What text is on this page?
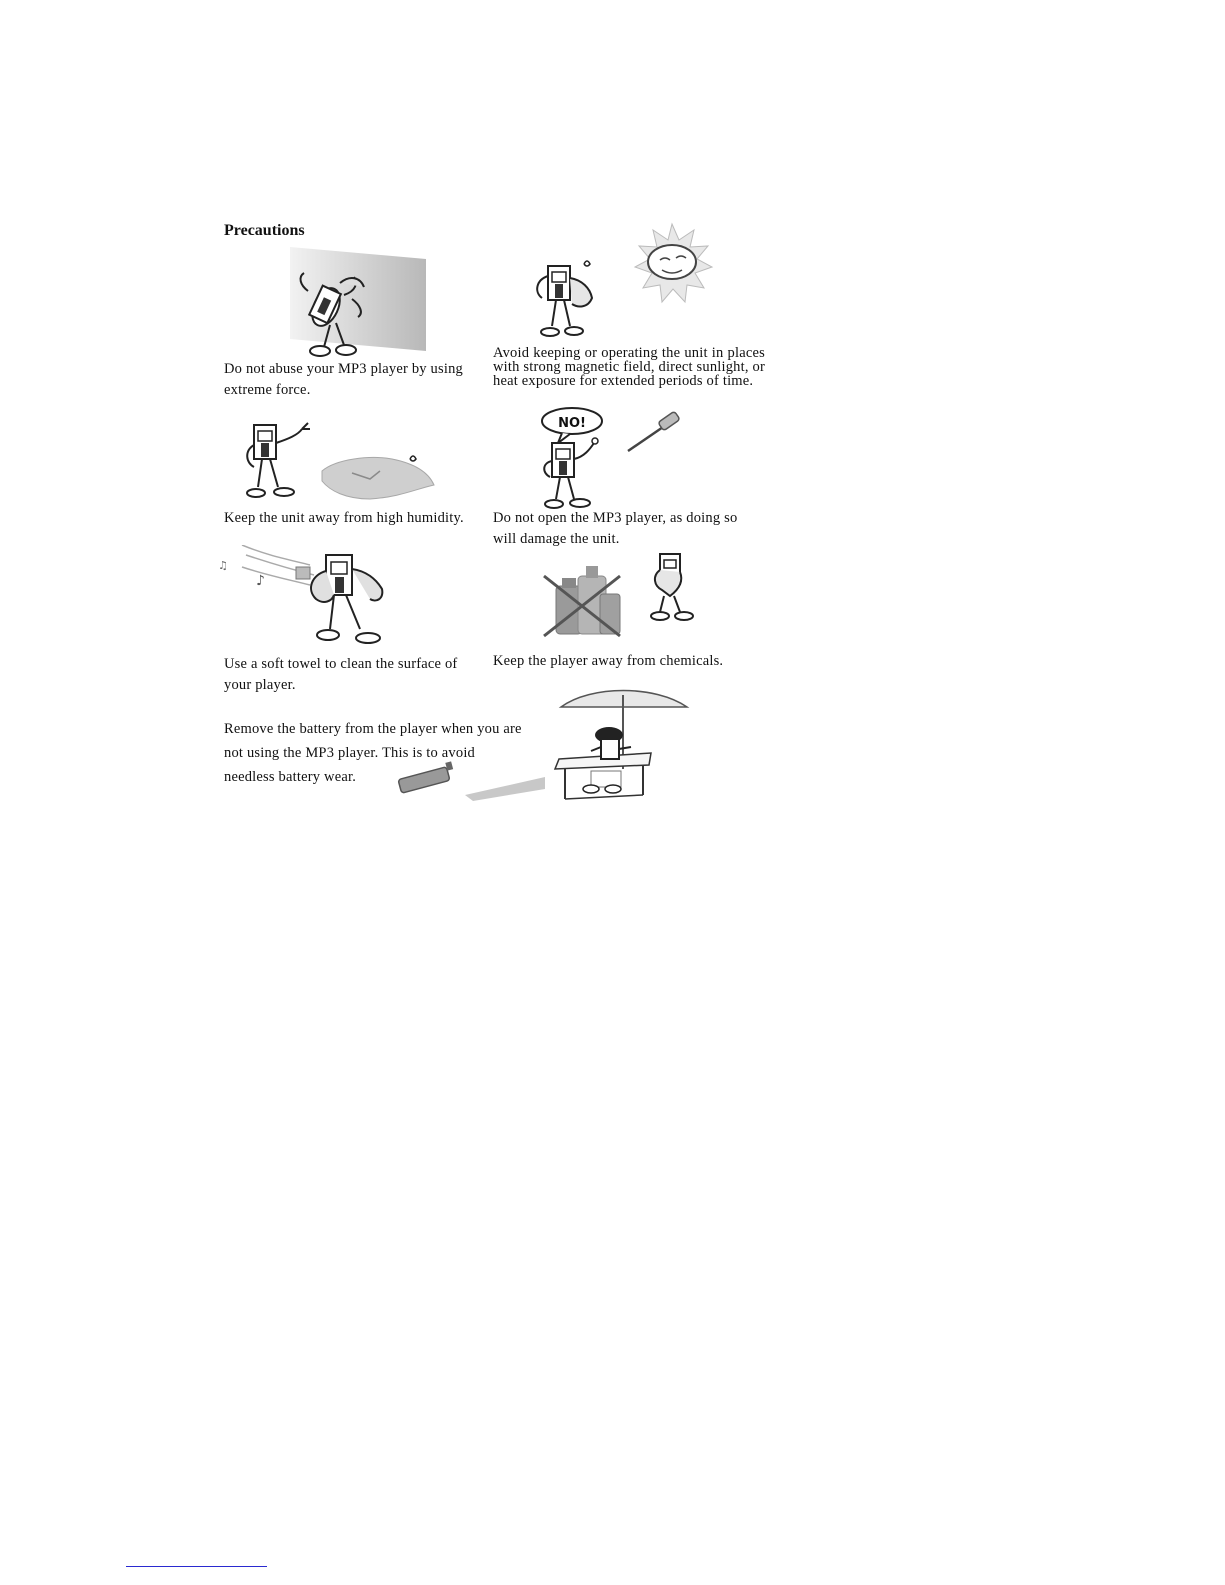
Precautions
Do not abuse your MP3 player by using extreme force.
Avoid keeping or operating the unit in places with strong magnetic field, direct sunlight, or heat exposure for extended periods of time.
Keep the unit away from high humidity.
NO!
Do not open the MP3 player, as doing so will damage the unit.
♫
♪
Use a soft towel to clean the surface of your player.
Keep the player away from chemicals.
Remove the battery from the player when you are not using the MP3 player. This is to avoid needless battery wear.
